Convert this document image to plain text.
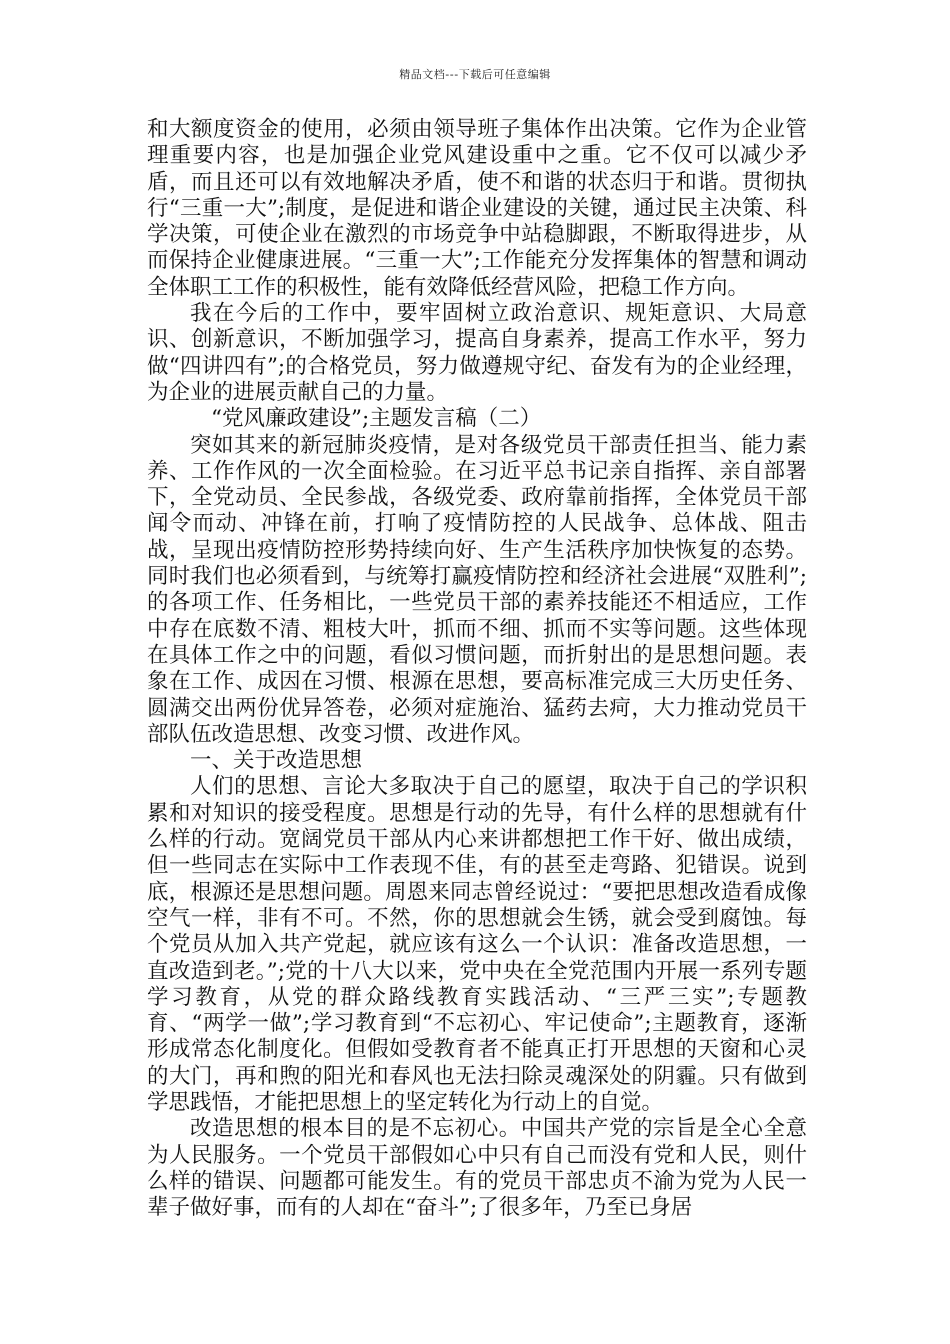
精品文档---下载后可任意编辑

和大额度资金的使用，必须由领导班子集体作出决策。它作为企业管理重要内容，也是加强企业党风建设重中之重。它不仅可以减少矛盾，而且还可以有效地解决矛盾，使不和谐的状态归于和谐。贯彻执行“三重一大”;制度，是促进和谐企业建设的关键，通过民主决策、科学决策，可使企业在激烈的市场竞争中站稳脚跟，不断取得进步，从而保持企业健康进展。“三重一大”;工作能充分发挥集体的智慧和调动全体职工工作的积极性，能有效降低经营风险，把稳工作方向。

我在今后的工作中，要牢固树立政治意识、规矩意识、大局意识、创新意识，不断加强学习，提高自身素养，提高工作水平，努力做“四讲四有”;的合格党员，努力做遵规守纪、奋发有为的企业经理，为企业的进展贡献自己的力量。

“党风廉政建设”;主题发言稿（二）

突如其来的新冠肺炎疫情，是对各级党员干部责任担当、能力素养、工作作风的一次全面检验。在习近平总书记亲自指挥、亲自部署下，全党动员、全民参战，各级党委、政府靠前指挥，全体党员干部闻令而动、冲锋在前，打响了疫情防控的人民战争、总体战、阻击战，呈现出疫情防控形势持续向好、生产生活秩序加快恢复的态势。同时我们也必须看到，与统筹打赢疫情防控和经济社会进展“双胜利”;的各项工作、任务相比，一些党员干部的素养技能还不相适应，工作中存在底数不清、粗枝大叶，抓而不细、抓而不实等问题。这些体现在具体工作之中的问题，看似习惯问题，而折射出的是思想问题。表象在工作、成因在习惯、根源在思想，要高标准完成三大历史任务、圆满交出两份优异答卷，必须对症施治、猛药去疴，大力推动党员干部队伍改造思想、改变习惯、改进作风。

一、关于改造思想

人们的思想、言论大多取决于自己的愿望，取决于自己的学识积累和对知识的接受程度。思想是行动的先导，有什么样的思想就有什么样的行动。宽阔党员干部从内心来讲都想把工作干好、做出成绩，但一些同志在实际中工作表现不佳，有的甚至走弯路、犯错误。说到底，根源还是思想问题。周恩来同志曾经说过：“要把思想改造看成像空气一样，非有不可。不然，你的思想就会生锈，就会受到腐蚀。每个党员从加入共产党起，就应该有这么一个认识：准备改造思想，一直改造到老。”;党的十八大以来，党中央在全党范围内开展一系列专题学习教育，从党的群众路线教育实践活动、“三严三实”;专题教育、“两学一做”;学习教育到“不忘初心、牢记使命”;主题教育，逐渐形成常态化制度化。但假如受教育者不能真正打开思想的天窗和心灵的大门，再和煦的阳光和春风也无法扫除灵魂深处的阴霾。只有做到学思践悟，才能把思想上的坚定转化为行动上的自觉。

改造思想的根本目的是不忘初心。中国共产党的宗旨是全心全意为人民服务。一个党员干部假如心中只有自己而没有党和人民，则什么样的错误、问题都可能发生。有的党员干部忠贞不渝为党为人民一辈子做好事，而有的人却在“奋斗”;了很多年，乃至已身居
